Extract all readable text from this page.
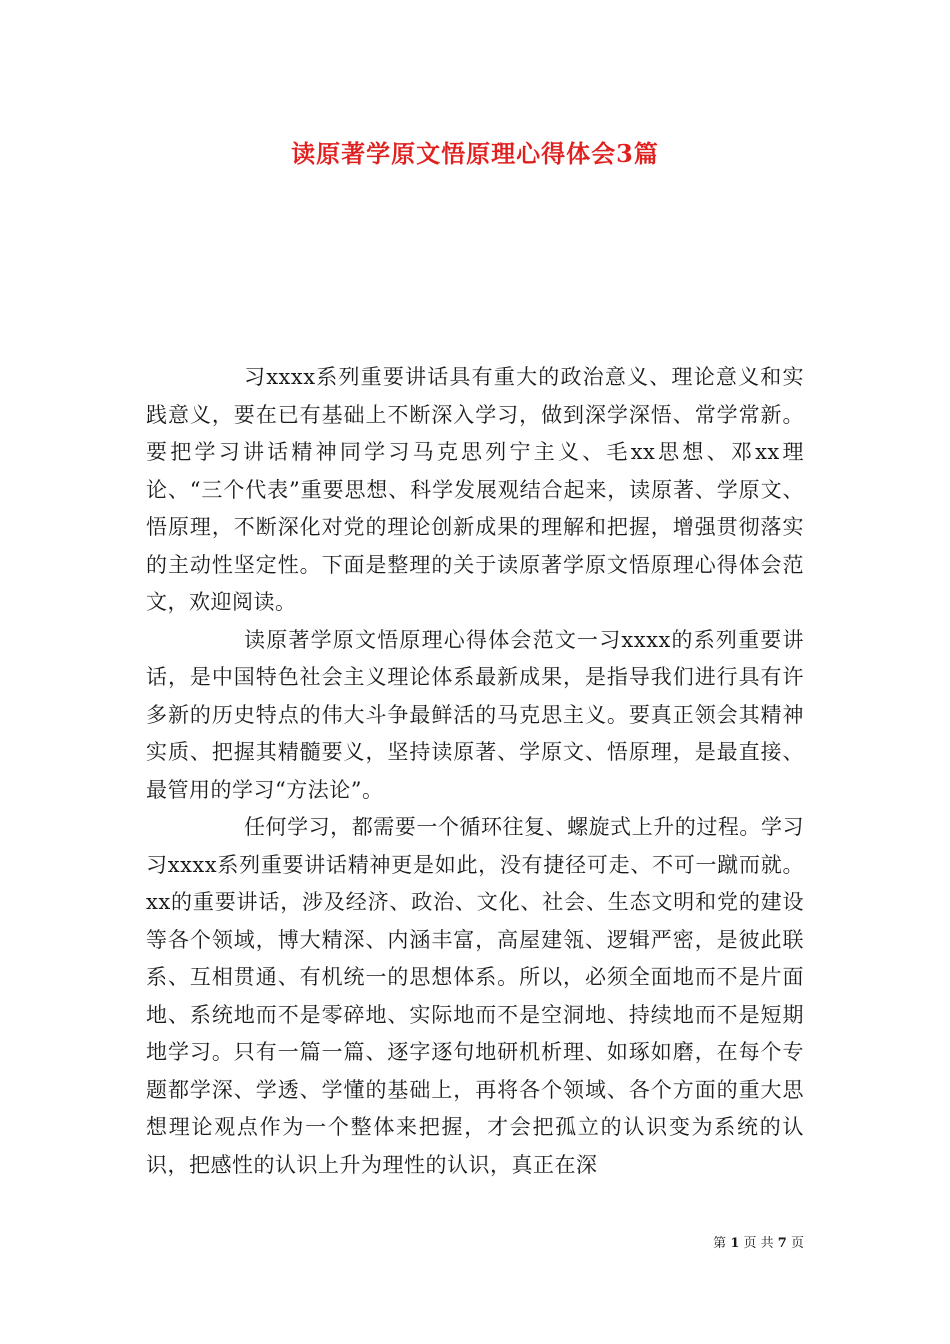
读原著学原文悟原理心得体会3篇

习xxxx系列重要讲话具有重大的政治意义、理论意义和实践意义，要在已有基础上不断深入学习，做到深学深悟、常学常新。要把学习讲话精神同学习马克思列宁主义、毛xx思想、邓xx理论、“三个代表”重要思想、科学发展观结合起来，读原著、学原文、悟原理，不断深化对党的理论创新成果的理解和把握，增强贯彻落实的主动性坚定性。下面是整理的关于读原著学原文悟原理心得体会范文，欢迎阅读。

读原著学原文悟原理心得体会范文一习xxxx的系列重要讲话，是中国特色社会主义理论体系最新成果，是指导我们进行具有许多新的历史特点的伟大斗争最鲜活的马克思主义。要真正领会其精神实质、把握其精髓要义，坚持读原著、学原文、悟原理，是最直接、最管用的学习“方法论”。

任何学习，都需要一个循环往复、螺旋式上升的过程。学习习xxxx系列重要讲话精神更是如此，没有捷径可走、不可一蹴而就。xx的重要讲话，涉及经济、政治、文化、社会、生态文明和党的建设等各个领域，博大精深、内涵丰富，高屋建瓴、逻辑严密，是彼此联系、互相贯通、有机统一的思想体系。所以，必须全面地而不是片面地、系统地而不是零碎地、实际地而不是空洞地、持续地而不是短期地学习。只有一篇一篇、逐字逐句地研机析理、如琢如磨，在每个专题都学深、学透、学懂的基础上，再将各个领域、各个方面的重大思想理论观点作为一个整体来把握，才会把孤立的认识变为系统的认识，把感性的认识上升为理性的认识，真正在深

第 1 页 共 7 页
